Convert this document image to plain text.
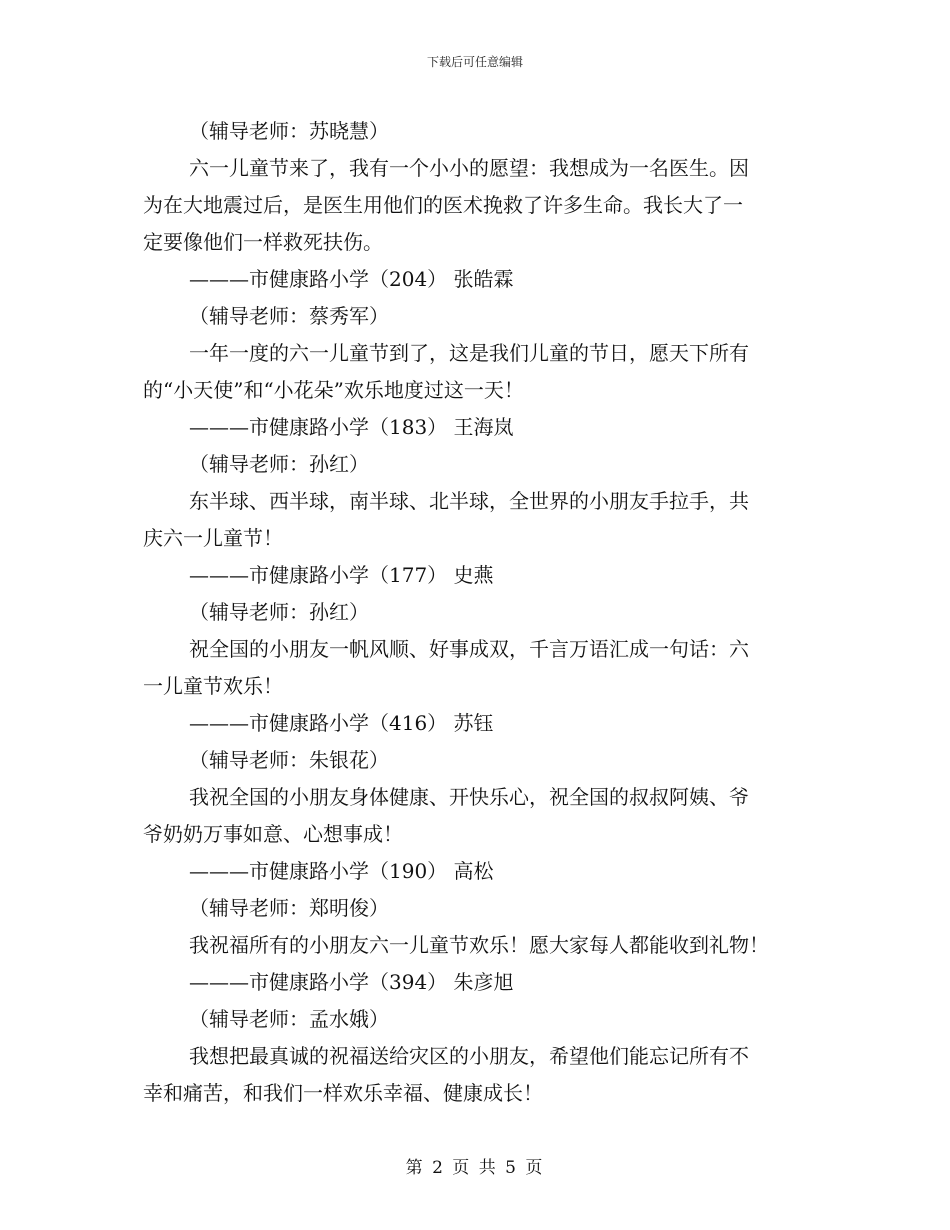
下载后可任意编辑
（辅导老师：苏晓慧）
六一儿童节来了，我有一个小小的愿望：我想成为一名医生。因
为在大地震过后，是医生用他们的医术挽救了许多生命。我长大了一
定要像他们一样救死扶伤。
———市健康路小学（204） 张皓霖
（辅导老师：蔡秀军）
一年一度的六一儿童节到了，这是我们儿童的节日，愿天下所有
的“小天使”和“小花朵”欢乐地度过这一天！
———市健康路小学（183） 王海岚
（辅导老师：孙红）
东半球、西半球，南半球、北半球，全世界的小朋友手拉手，共
庆六一儿童节！
———市健康路小学（177） 史燕
（辅导老师：孙红）
祝全国的小朋友一帆风顺、好事成双，千言万语汇成一句话：六
一儿童节欢乐！
———市健康路小学（416） 苏钰
（辅导老师：朱银花）
我祝全国的小朋友身体健康、开快乐心，祝全国的叔叔阿姨、爷
爷奶奶万事如意、心想事成！
———市健康路小学（190） 高松
（辅导老师：郑明俊）
我祝福所有的小朋友六一儿童节欢乐！愿大家每人都能收到礼物！
———市健康路小学（394） 朱彦旭
（辅导老师：孟水娥）
我想把最真诚的祝福送给灾区的小朋友，希望他们能忘记所有不
幸和痛苦，和我们一样欢乐幸福、健康成长！
第 2 页 共 5 页
